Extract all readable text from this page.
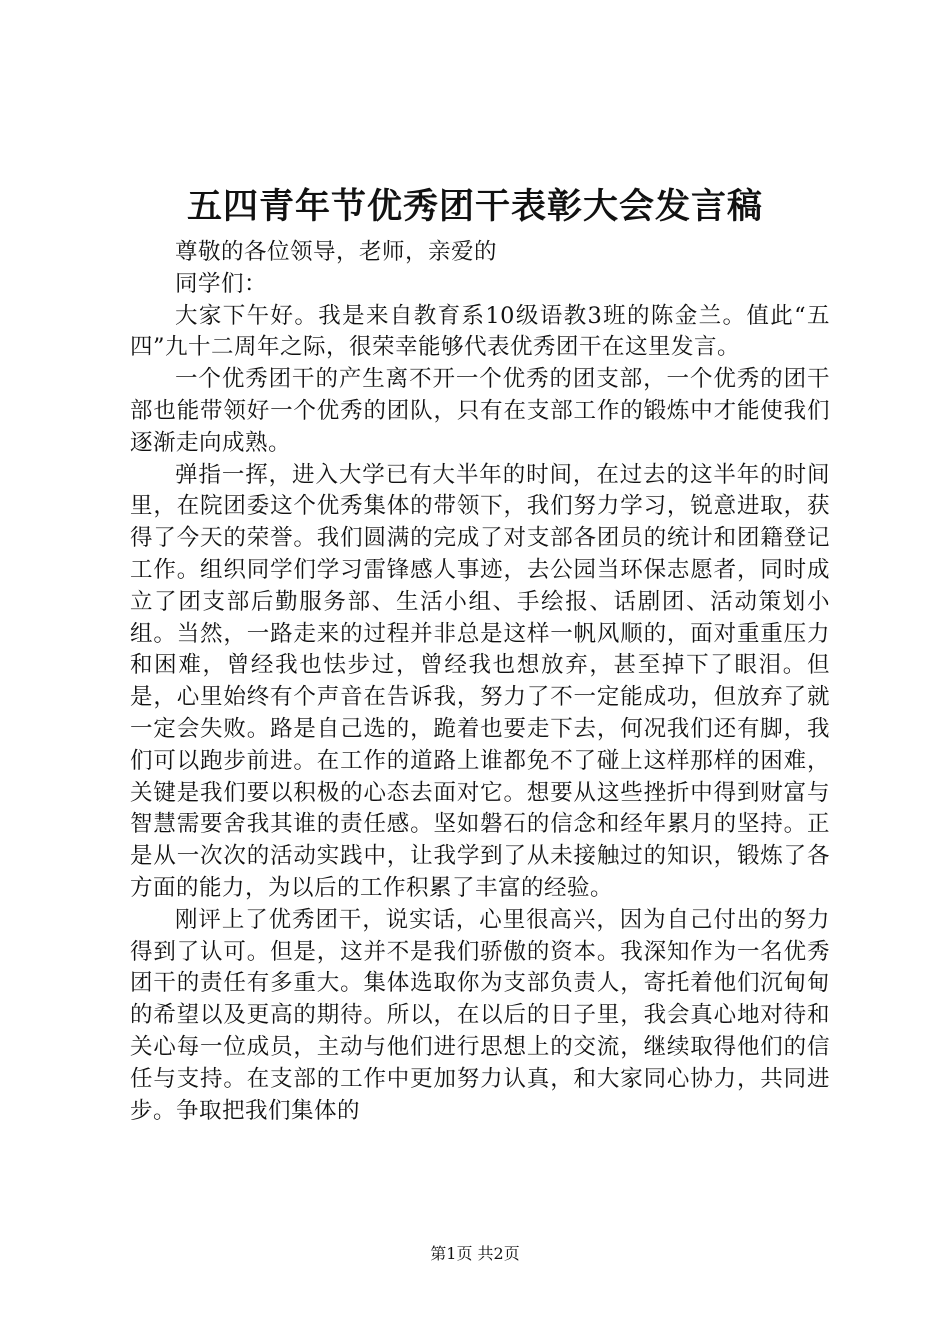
五四青年节优秀团干表彰大会发言稿

尊敬的各位领导，老师，亲爱的

同学们：

大家下午好。我是来自教育系10级语教3班的陈金兰。值此“五四”九十二周年之际，很荣幸能够代表优秀团干在这里发言。

一个优秀团干的产生离不开一个优秀的团支部，一个优秀的团干部也能带领好一个优秀的团队，只有在支部工作的锻炼中才能使我们逐渐走向成熟。

弹指一挥，进入大学已有大半年的时间，在过去的这半年的时间里，在院团委这个优秀集体的带领下，我们努力学习，锐意进取，获得了今天的荣誉。我们圆满的完成了对支部各团员的统计和团籍登记工作。组织同学们学习雷锋感人事迹，去公园当环保志愿者，同时成立了团支部后勤服务部、生活小组、手绘报、话剧团、活动策划小组。当然，一路走来的过程并非总是这样一帆风顺的，面对重重压力和困难，曾经我也怯步过，曾经我也想放弃，甚至掉下了眼泪。但是，心里始终有个声音在告诉我，努力了不一定能成功，但放弃了就一定会失败。路是自己选的，跪着也要走下去，何况我们还有脚，我们可以跑步前进。在工作的道路上谁都免不了碰上这样那样的困难，关键是我们要以积极的心态去面对它。想要从这些挫折中得到财富与智慧需要舍我其谁的责任感。坚如磐石的信念和经年累月的坚持。正是从一次次的活动实践中，让我学到了从未接触过的知识，锻炼了各方面的能力，为以后的工作积累了丰富的经验。

刚评上了优秀团干，说实话，心里很高兴，因为自己付出的努力得到了认可。但是，这并不是我们骄傲的资本。我深知作为一名优秀团干的责任有多重大。集体选取你为支部负责人，寄托着他们沉甸甸的希望以及更高的期待。所以，在以后的日子里，我会真心地对待和关心每一位成员，主动与他们进行思想上的交流，继续取得他们的信任与支持。在支部的工作中更加努力认真，和大家同心协力，共同进步。争取把我们集体的

第1页 共2页
